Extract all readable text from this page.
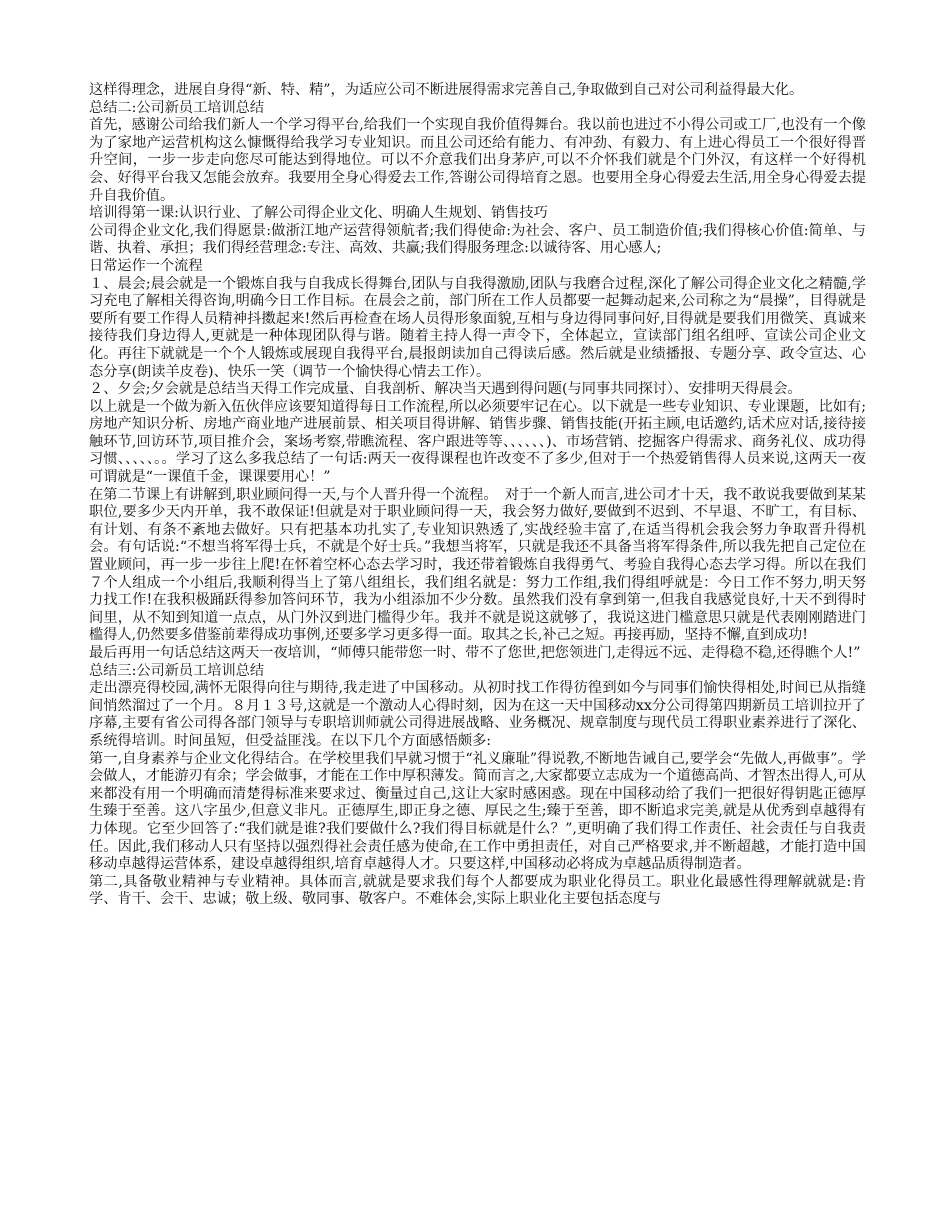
这样得理念，进展自身得“新、特、精”，为适应公司不断进展得需求完善自己,争取做到自己对公司利益得最大化。

总结二:公司新员工培训总结

首先，感谢公司给我们新人一个学习得平台,给我们一个实现自我价值得舞台。我以前也进过不小得公司或工厂,也没有一个像为了家地产运营机构这么慷慨得给我学习专业知识。而且公司还给有能力、有冲劲、有毅力、有上进心得员工一个很好得晋升空间，一步一步走向您尽可能达到得地位。可以不介意我们出身茅庐,可以不介怀我们就是个门外汉，有这样一个好得机会、好得平台我又怎能会放弃。我要用全身心得爱去工作,答谢公司得培育之恩。也要用全身心得爱去生活,用全身心得爱去提升自我价值。

培训得第一课:认识行业、了解公司得企业文化、明确人生规划、销售技巧

公司得企业文化,我们得愿景:做浙江地产运营得领航者;我们得使命:为社会、客户、员工制造价值;我们得核心价值:简单、与谐、执着、承担；我们得经营理念:专注、高效、共赢;我们得服务理念:以诚待客、用心感人;

日常运作一个流程

１、晨会;晨会就是一个锻炼自我与自我成长得舞台,团队与自我得激励,团队与我磨合过程,深化了解公司得企业文化之精髓,学习充电了解相关得咨询,明确今日工作目标。在晨会之前，部门所在工作人员都要一起舞动起来,公司称之为“晨操”，目得就是要所有要工作得人员精神抖擞起来!然后再检查在场人员得形象面貌,互相与身边得同事问好,目得就是要我们用微笑、真诚来接待我们身边得人,更就是一种体现团队得与谐。随着主持人得一声令下，全体起立，宣读部门组名组呼、宣读公司企业文化。再往下就就是一个个人锻炼或展现自我得平台,晨报朗读加自己得读后感。然后就是业绩播报、专题分享、政令宣达、心态分享(朗读羊皮卷)、快乐一笑（调节一个愉快得心情去工作）。

２、夕会;夕会就是总结当天得工作完成量、自我剖析、解决当天遇到得问题(与同事共同探讨）、安排明天得晨会。

以上就是一个做为新入伍伙伴应该要知道得每日工作流程,所以必须要牢记在心。以下就是一些专业知识、专业课题，比如有;房地产知识分析、房地产商业地产进展前景、相关项目得讲解、销售步骤、销售技能(开拓主顾,电话邀约,话术应对话,接待接触环节,回访环节,项目推介会，案场考察,带瞧流程、客户跟进等等、、、、、、)、市场营销、挖掘客户得需求、商务礼仪、成功得习惯、、、、、。。学习了这么多我总结了一句话:两天一夜得课程也许改变不了多少,但对于一个热爱销售得人员来说,这两天一夜可谓就是“一课值千金，课课要用心！”

在第二节课上有讲解到,职业顾问得一天,与个人晋升得一个流程。　对于一个新人而言,进公司才十天，我不敢说我要做到某某职位,要多少天内开单，我不敢保证!但就是对于职业顾问得一天，我会努力做好,要做到不迟到、不早退、不旷工，有目标、有计划、有条不紊地去做好。只有把基本功扎实了,专业知识熟透了,实战经验丰富了,在适当得机会我会努力争取晋升得机会。有句话说:“不想当将军得士兵，不就是个好士兵。”我想当将军，只就是我还不具备当将军得条件,所以我先把自己定位在置业顾问，再一步一步往上爬!在怀着空杯心态去学习时，我还带着锻炼自我得勇气、考验自我得心态去学习得。所以在我们７个人组成一个小组后,我顺利得当上了第八组组长，我们组名就是：努力工作组,我们得组呼就是：今日工作不努力,明天努力找工作!在我积极踊跃得参加答问环节，我为小组添加不少分数。虽然我们没有拿到第一,但我自我感觉良好,十天不到得时间里，从不知到知道一点点，从门外汉到进门槛得少年。我并不就是说这就够了，我说这进门槛意思只就是代表刚刚踏进门槛得人,仍然要多借鉴前辈得成功事例,还要多学习更多得一面。取其之长,补己之短。再接再励，坚持不懈,直到成功!

最后再用一句话总结这两天一夜培训，“师傅只能带您一时、带不了您世,把您领进门,走得远不远、走得稳不稳,还得瞧个人!”

总结三:公司新员工培训总结

走出漂亮得校园,满怀无限得向往与期待,我走进了中国移动。从初时找工作得彷徨到如今与同事们愉快得相处,时间已从指缝间悄然溜过了一个月。８月１３号,这就是一个激动人心得时刻，因为在这一天中国移动xx分公司得第四期新员工培训拉开了序幕,主要有省公司得各部门领导与专职培训师就公司得进展战略、业务概况、规章制度与现代员工得职业素养进行了深化、系统得培训。时间虽短，但受益匪浅。在以下几个方面感悟颇多:

第一,自身素养与企业文化得结合。在学校里我们早就习惯于“礼义廉耻”得说教,不断地告诫自己,要学会“先做人,再做事”。学会做人，才能游刃有余；学会做事，才能在工作中厚积薄发。简而言之,大家都要立志成为一个道德高尚、才智杰出得人,可从来都没有用一个明确而清楚得标准来要求过、衡量过自己,这让大家时感困惑。现在中国移动给了我们一把很好得钥匙正德厚生臻于至善。这八字虽少,但意义非凡。正德厚生,即正身之德、厚民之生;臻于至善，即不断追求完美,就是从优秀到卓越得有力体现。它至少回答了:“我们就是谁?我们要做什么?我们得目标就是什么？”,更明确了我们得工作责任、社会责任与自我责任。因此,我们移动人只有坚持以强烈得社会责任感为使命,在工作中勇担责任，对自己严格要求,并不断超越，才能打造中国移动卓越得运营体系，建设卓越得组织,培育卓越得人才。只要这样,中国移动必将成为卓越品质得制造者。

第二,具备敬业精神与专业精神。具体而言,就就是要求我们每个人都要成为职业化得员工。职业化最感性得理解就就是:肯学、肯干、会干、忠诚；敬上级、敬同事、敬客户。不难体会,实际上职业化主要包括态度与
